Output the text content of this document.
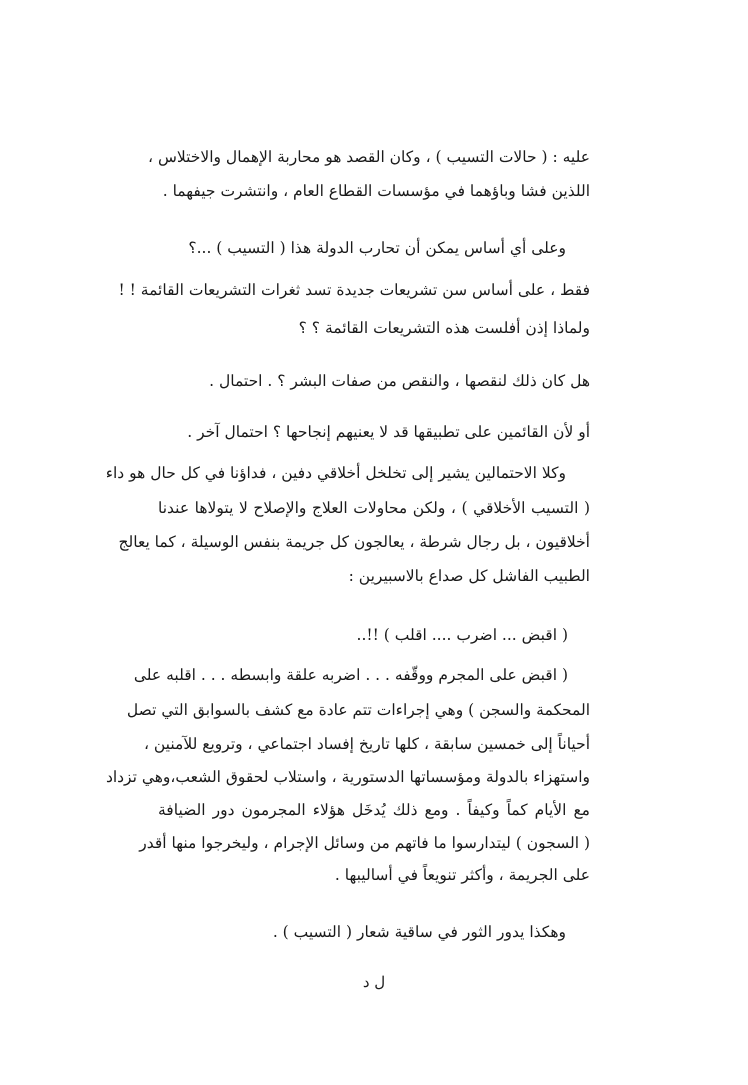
عليه : ( حالات التسيب ) ، وكان القصد هو محاربة الإهمال والاختلاس ،
اللذين فشا وباؤهما في مؤسسات القطاع العام ، وانتشرت جيفهما .
وعلى أي أساس يمكن أن تحارب الدولة هذا ( التسيب ) ...؟
فقط ، على أساس سن تشريعات جديدة تسد ثغرات التشريعات القائمة ! !
ولماذا إذن أفلست هذه التشريعات القائمة ؟ ؟
هل كان ذلك لنقصها ، والنقص من صفات البشر ؟ . احتمال .
أو لأن القائمين على تطبيقها قد لا يعنيهم إنجاحها ؟ احتمال آخر .
وكلا الاحتمالين يشير إلى تخلخل أخلاقي دفين ، فداؤنا في كل حال هو داء
( التسيب الأخلاقي ) ، ولكن محاولات العلاج والإصلاح لا يتولاها عندنا
أخلاقيون ، بل رجال شرطة ، يعالجون كل جريمة بنفس الوسيلة ، كما يعالج
الطبيب الفاشل كل صداع بالاسبيرين :
( اقبض ... اضرب .... اقلب ) !!..
( اقبض على المجرم ووقّفه . . . اضربه علقة وابسطه . . . اقلبه على
المحكمة والسجن ) وهي إجراءات تتم عادة مع كشف بالسوابق التي تصل
أحياناً إلى خمسين سابقة ، كلها تاريخ إفساد اجتماعي ، وترويع للآمنين ،
واستهزاء بالدولة ومؤسساتها الدستورية ، واستلاب لحقوق الشعب،وهي تزداد
مع الأيام كماً وكيفاً . ومع ذلك يُدخَل هؤلاء المجرمون دور الضيافة
( السجون ) ليتدارسوا ما فاتهم من وسائل الإجرام ، وليخرجوا منها أقدر
على الجريمة ، وأكثر تنويعاً في أساليبها .
وهكذا يدور الثور في ساقية شعار ( التسيب ) .
ل د
